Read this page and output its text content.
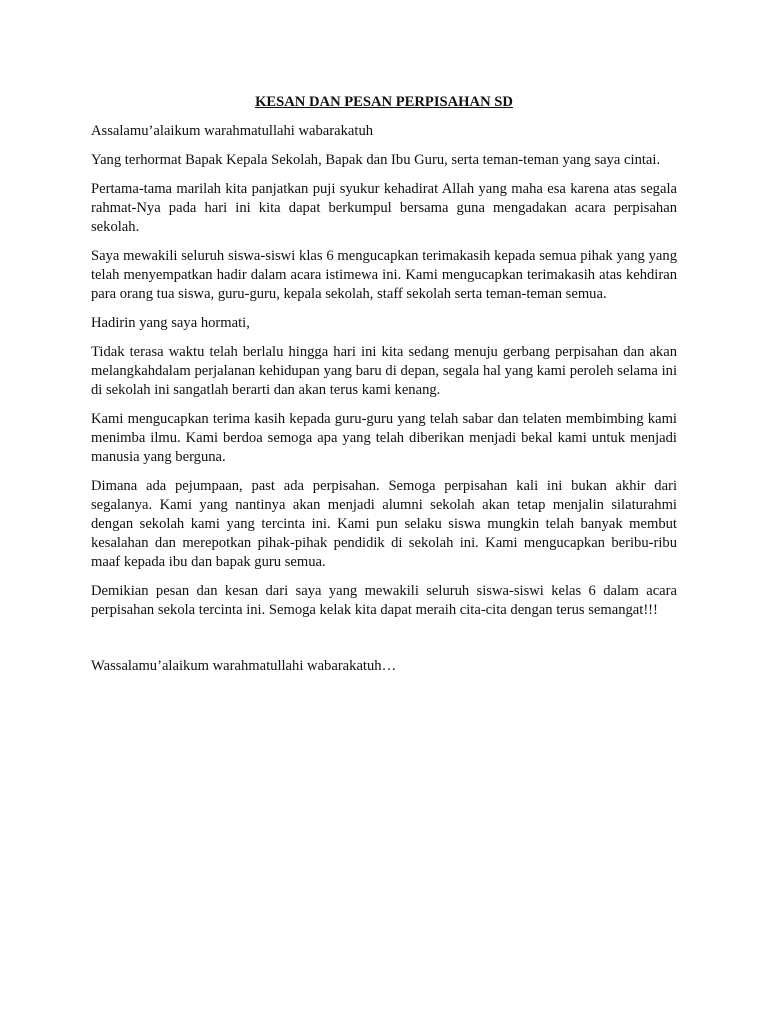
KESAN DAN PESAN PERPISAHAN SD

Assalamu’alaikum warahmatullahi wabarakatuh

Yang terhormat Bapak Kepala Sekolah, Bapak dan Ibu Guru, serta teman-teman yang saya cintai.

Pertama-tama marilah kita panjatkan puji syukur kehadirat Allah yang maha esa karena atas segala rahmat-Nya pada hari ini kita dapat berkumpul bersama guna mengadakan acara perpisahan sekolah.

Saya mewakili seluruh siswa-siswi klas 6 mengucapkan terimakasih kepada semua pihak yang yang telah menyempatkan hadir dalam acara istimewa ini. Kami mengucapkan terimakasih atas kehdiran para orang tua siswa, guru-guru, kepala sekolah, staff sekolah serta teman-teman semua.

Hadirin yang saya hormati,

Tidak terasa waktu telah berlalu hingga hari ini kita sedang menuju gerbang perpisahan dan akan melangkahdalam perjalanan kehidupan yang baru di depan, segala hal yang kami peroleh selama ini di sekolah ini sangatlah berarti dan akan terus kami kenang.

Kami mengucapkan terima kasih kepada guru-guru yang telah sabar dan telaten membimbing kami menimba ilmu. Kami berdoa semoga apa yang telah diberikan menjadi bekal kami untuk menjadi manusia yang berguna.

Dimana ada pejumpaan, past ada perpisahan. Semoga perpisahan kali ini bukan akhir dari segalanya. Kami yang nantinya akan menjadi alumni sekolah akan tetap menjalin silaturahmi dengan sekolah kami yang tercinta ini. Kami pun selaku siswa mungkin telah banyak membut kesalahan dan merepotkan pihak-pihak pendidik di sekolah ini. Kami mengucapkan beribu-ribu maaf kepada ibu dan bapak guru semua.

Demikian pesan dan kesan dari saya yang mewakili seluruh siswa-siswi kelas 6 dalam acara perpisahan sekola tercinta ini. Semoga kelak kita dapat meraih cita-cita dengan terus semangat!!!

Wassalamu’alaikum warahmatullahi wabarakatuh…
